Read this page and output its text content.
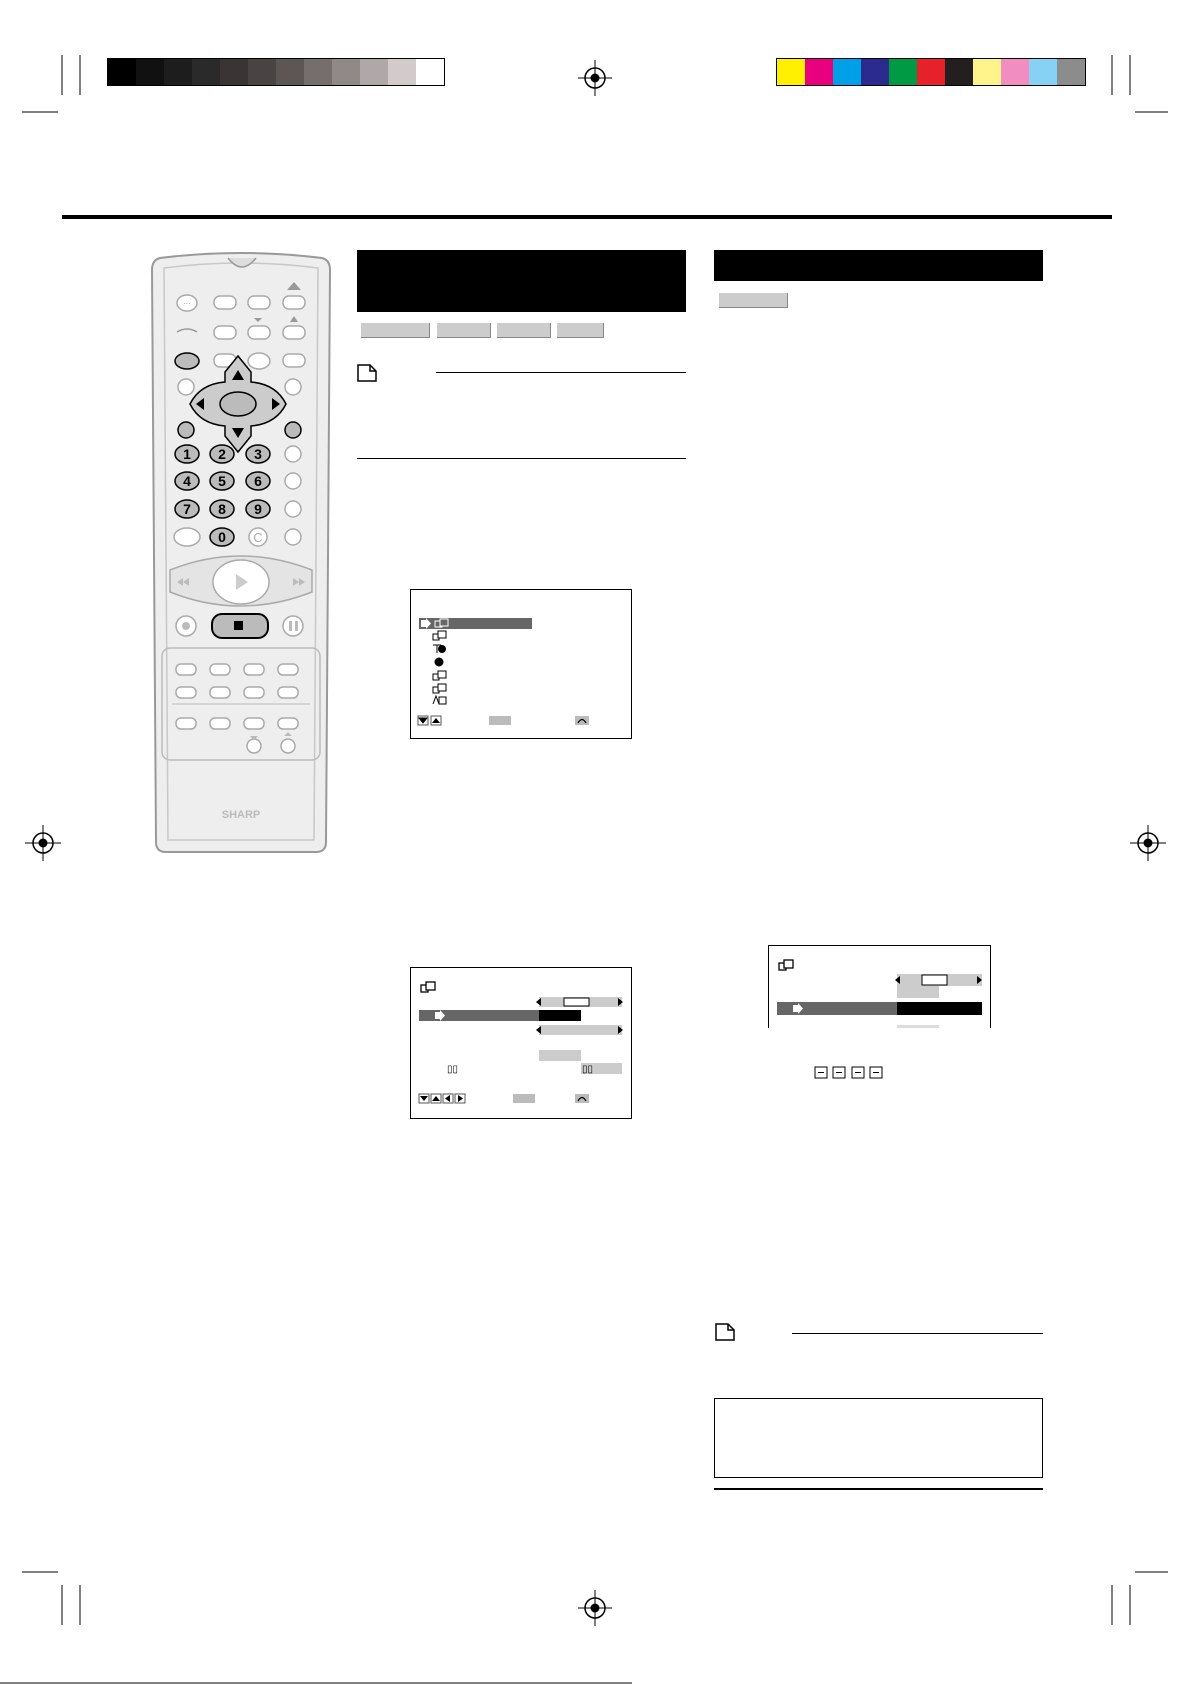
···
1 2 3
4 5 6
7 8 9
0 C
SHARP
▯▯	▯▯
